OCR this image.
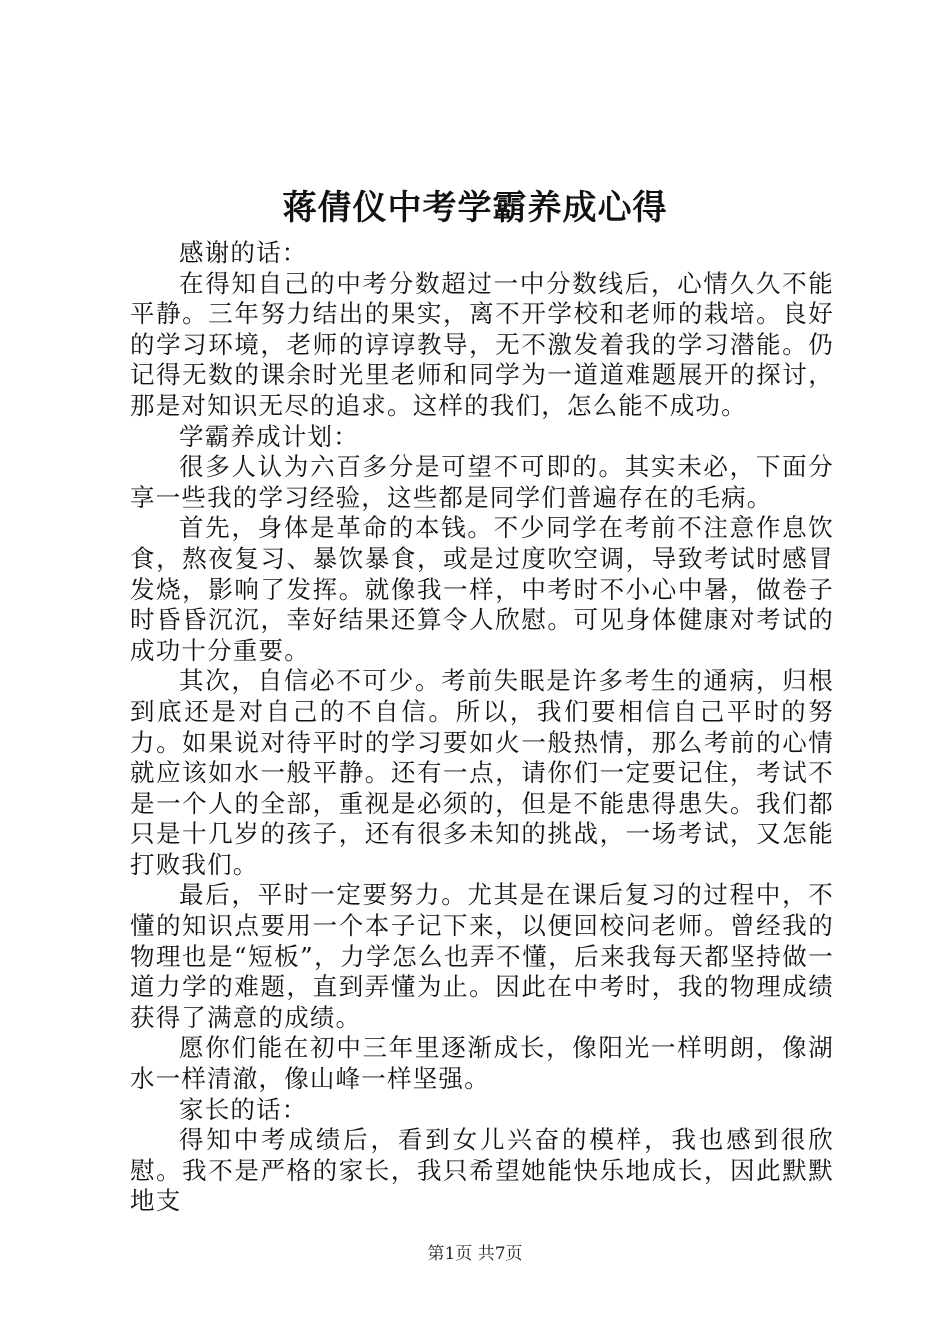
蒋倩仪中考学霸养成心得

感谢的话：

在得知自己的中考分数超过一中分数线后，心情久久不能平静。三年努力结出的果实，离不开学校和老师的栽培。良好的学习环境，老师的谆谆教导，无不激发着我的学习潜能。仍记得无数的课余时光里老师和同学为一道道难题展开的探讨，那是对知识无尽的追求。这样的我们，怎么能不成功。

学霸养成计划：

很多人认为六百多分是可望不可即的。其实未必，下面分享一些我的学习经验，这些都是同学们普遍存在的毛病。

首先，身体是革命的本钱。不少同学在考前不注意作息饮食，熬夜复习、暴饮暴食，或是过度吹空调，导致考试时感冒发烧，影响了发挥。就像我一样，中考时不小心中暑，做卷子时昏昏沉沉，幸好结果还算令人欣慰。可见身体健康对考试的成功十分重要。

其次，自信必不可少。考前失眠是许多考生的通病，归根到底还是对自己的不自信。所以，我们要相信自己平时的努力。如果说对待平时的学习要如火一般热情，那么考前的心情就应该如水一般平静。还有一点，请你们一定要记住，考试不是一个人的全部，重视是必须的，但是不能患得患失。我们都只是十几岁的孩子，还有很多未知的挑战，一场考试，又怎能打败我们。

最后，平时一定要努力。尤其是在课后复习的过程中，不懂的知识点要用一个本子记下来，以便回校问老师。曾经我的物理也是“短板”，力学怎么也弄不懂，后来我每天都坚持做一道力学的难题，直到弄懂为止。因此在中考时，我的物理成绩获得了满意的成绩。

愿你们能在初中三年里逐渐成长，像阳光一样明朗，像湖水一样清澈，像山峰一样坚强。

家长的话：

得知中考成绩后，看到女儿兴奋的模样，我也感到很欣慰。我不是严格的家长，我只希望她能快乐地成长，因此默默地支

第1页 共7页
